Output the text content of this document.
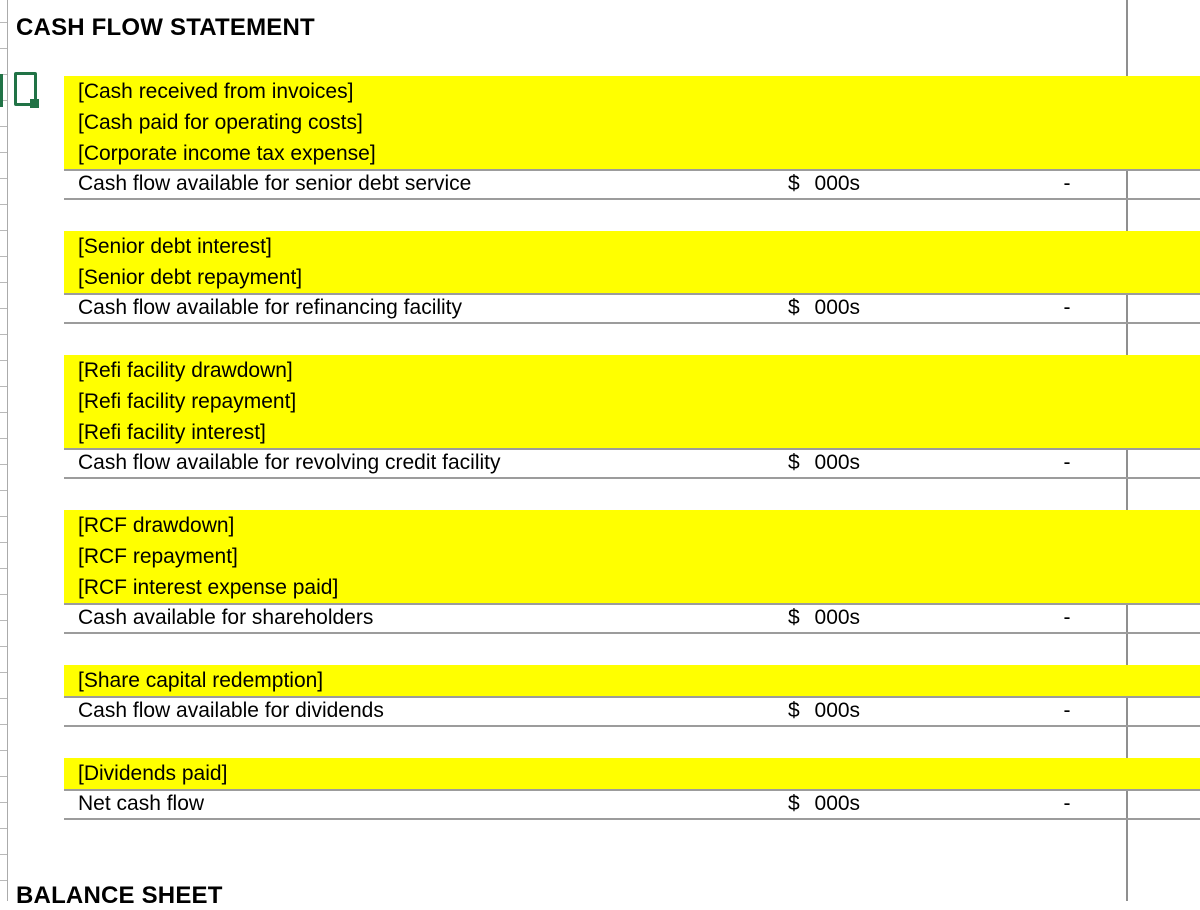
CASH FLOW STATEMENT
[Cash received from invoices]
[Cash paid for operating costs]
[Corporate income tax expense]
Cash flow available for senior debt service	$ 000s	-
[Senior debt interest]
[Senior debt repayment]
Cash flow available for refinancing facility	$ 000s	-
[Refi facility drawdown]
[Refi facility repayment]
[Refi facility interest]
Cash flow available for revolving credit facility	$ 000s	-
[RCF drawdown]
[RCF repayment]
[RCF interest expense paid]
Cash available for shareholders	$ 000s	-
[Share capital redemption]
Cash flow available for dividends	$ 000s	-
[Dividends paid]
Net cash flow	$ 000s	-
BALANCE SHEET
